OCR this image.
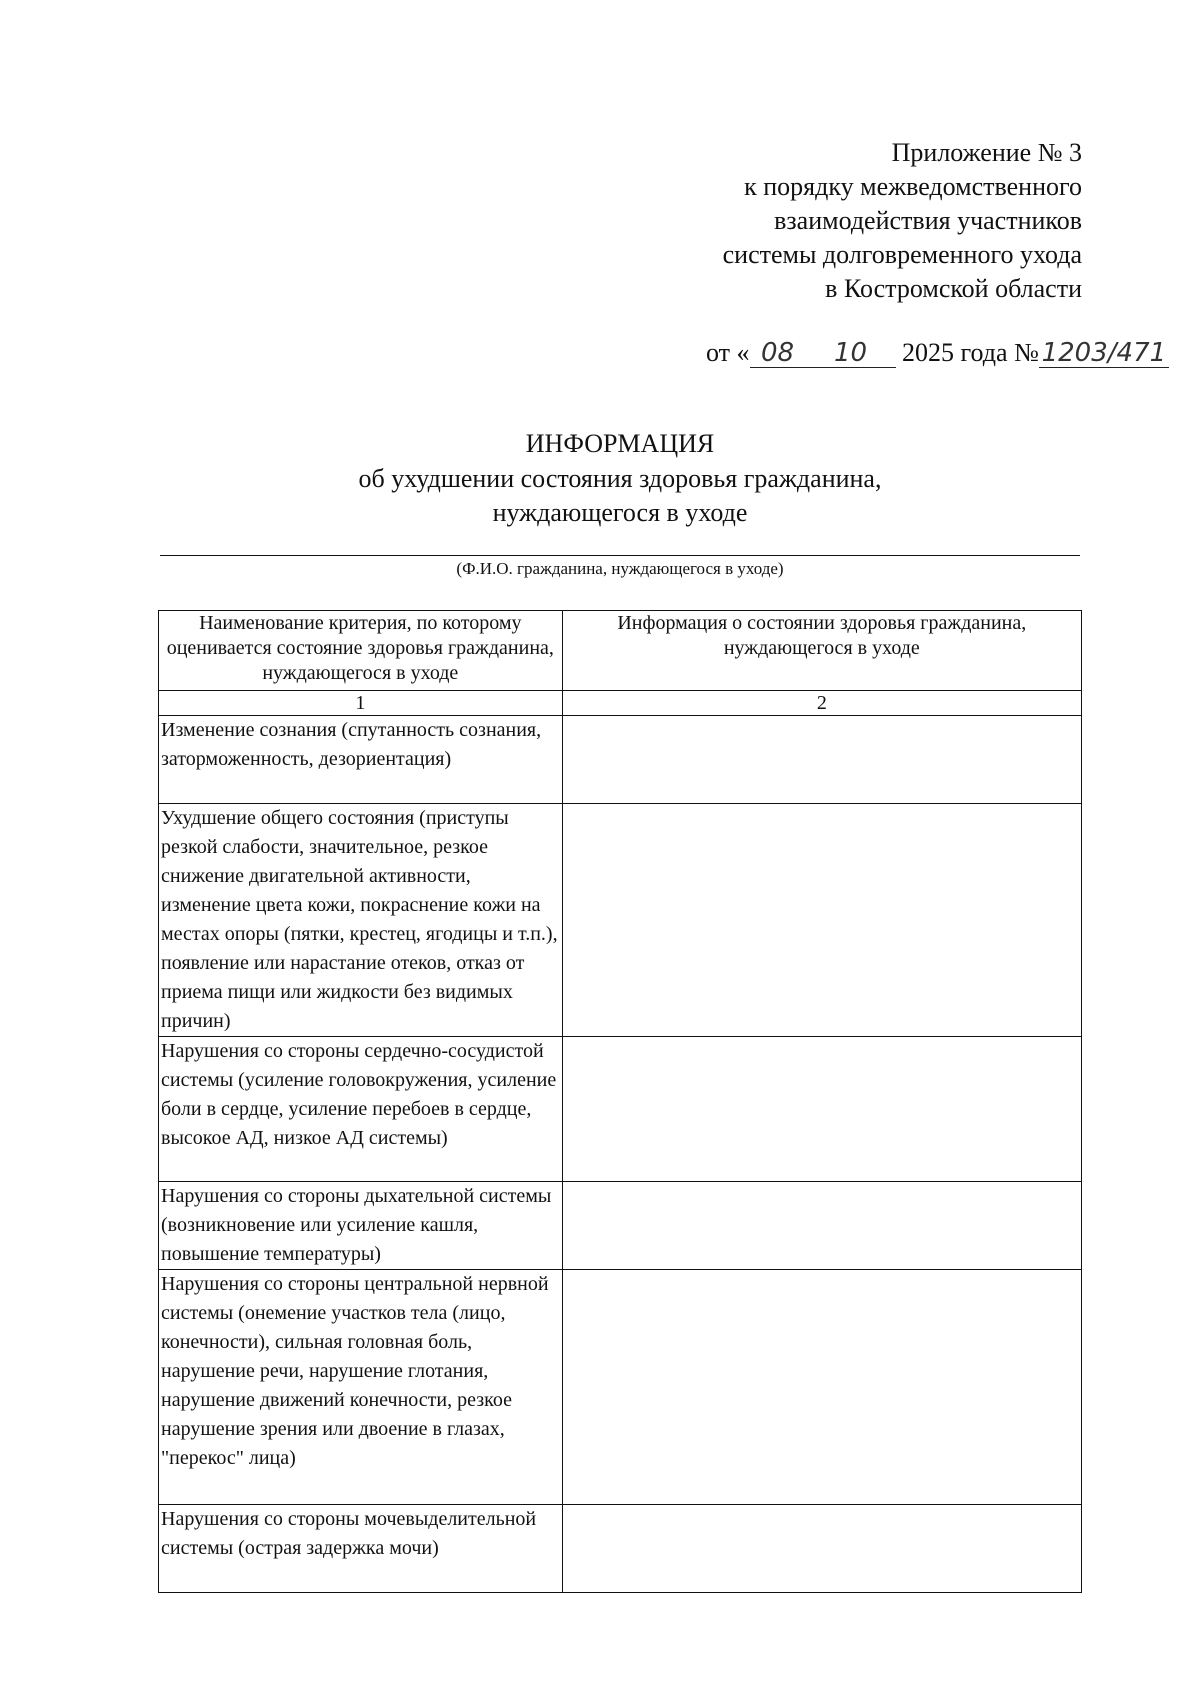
Приложение № 3
к порядку межведомственного
взаимодействия участников
системы долговременного ухода
в Костромской области
от « 08 10 2025 года № 1203/471
ИНФОРМАЦИЯ
об ухудшении состояния здоровья гражданина,
нуждающегося в уходе
(Ф.И.О. гражданина, нуждающегося в уходе)
Наименование критерия, по которому оценивается состояние здоровья гражданина, нуждающегося в уходе	Информация о состоянии здоровья гражданина, нуждающегося в уходе
1	2
Изменение сознания (спутанность сознания, заторможенность, дезориентация)	
Ухудшение общего состояния (приступы резкой слабости, значительное, резкое снижение двигательной активности, изменение цвета кожи, покраснение кожи на местах опоры (пятки, крестец, ягодицы и т.п.), появление или нарастание отеков, отказ от приема пищи или жидкости без видимых причин)	
Нарушения со стороны сердечно-сосудистой системы (усиление головокружения, усиление боли в сердце, усиление перебоев в сердце, высокое АД, низкое АД системы)	
Нарушения со стороны дыхательной системы (возникновение или усиление кашля, повышение температуры)	
Нарушения со стороны центральной нервной системы (онемение участков тела (лицо, конечности), сильная головная боль, нарушение речи, нарушение глотания, нарушение движений конечности, резкое нарушение зрения или двоение в глазах, "перекос" лица)	
Нарушения со стороны мочевыделительной системы (острая задержка мочи)	
